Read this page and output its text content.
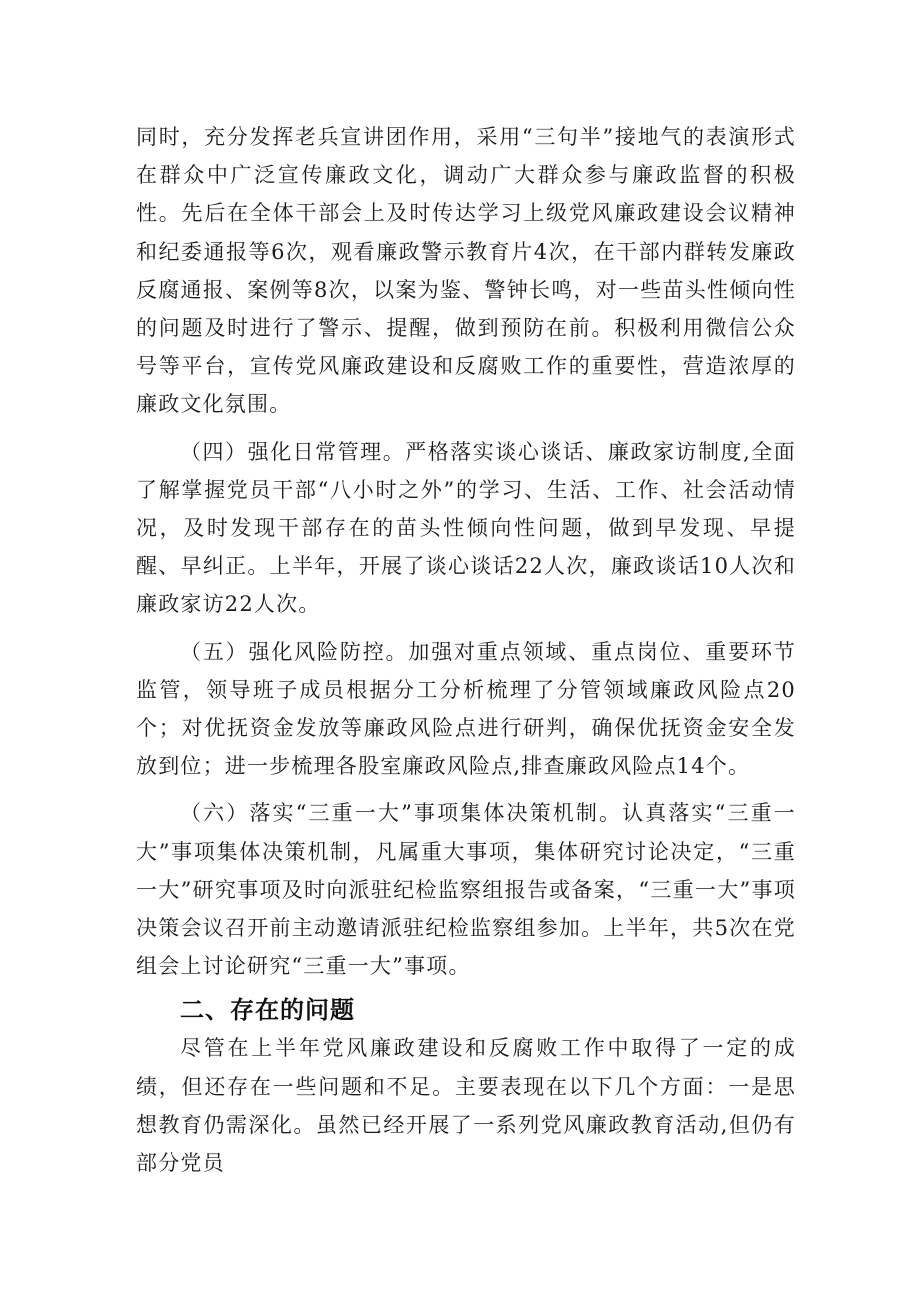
同时，充分发挥老兵宣讲团作用，采用“三句半”接地气的表演形式在群众中广泛宣传廉政文化，调动广大群众参与廉政监督的积极性。先后在全体干部会上及时传达学习上级党风廉政建设会议精神和纪委通报等6次，观看廉政警示教育片4次，在干部内群转发廉政反腐通报、案例等8次，以案为鉴、警钟长鸣，对一些苗头性倾向性的问题及时进行了警示、提醒，做到预防在前。积极利用微信公众号等平台，宣传党风廉政建设和反腐败工作的重要性，营造浓厚的廉政文化氛围。

（四）强化日常管理。严格落实谈心谈话、廉政家访制度,全面了解掌握党员干部“八小时之外”的学习、生活、工作、社会活动情况，及时发现干部存在的苗头性倾向性问题，做到早发现、早提醒、早纠正。上半年，开展了谈心谈话22人次，廉政谈话10人次和廉政家访22人次。

（五）强化风险防控。加强对重点领域、重点岗位、重要环节监管，领导班子成员根据分工分析梳理了分管领域廉政风险点20个；对优抚资金发放等廉政风险点进行研判，确保优抚资金安全发放到位；进一步梳理各股室廉政风险点,排查廉政风险点14个。

（六）落实“三重一大”事项集体决策机制。认真落实“三重一大”事项集体决策机制，凡属重大事项，集体研究讨论决定，“三重一大”研究事项及时向派驻纪检监察组报告或备案，“三重一大”事项决策会议召开前主动邀请派驻纪检监察组参加。上半年，共5次在党组会上讨论研究“三重一大”事项。

二、存在的问题

尽管在上半年党风廉政建设和反腐败工作中取得了一定的成绩，但还存在一些问题和不足。主要表现在以下几个方面：一是思想教育仍需深化。虽然已经开展了一系列党风廉政教育活动,但仍有部分党员
